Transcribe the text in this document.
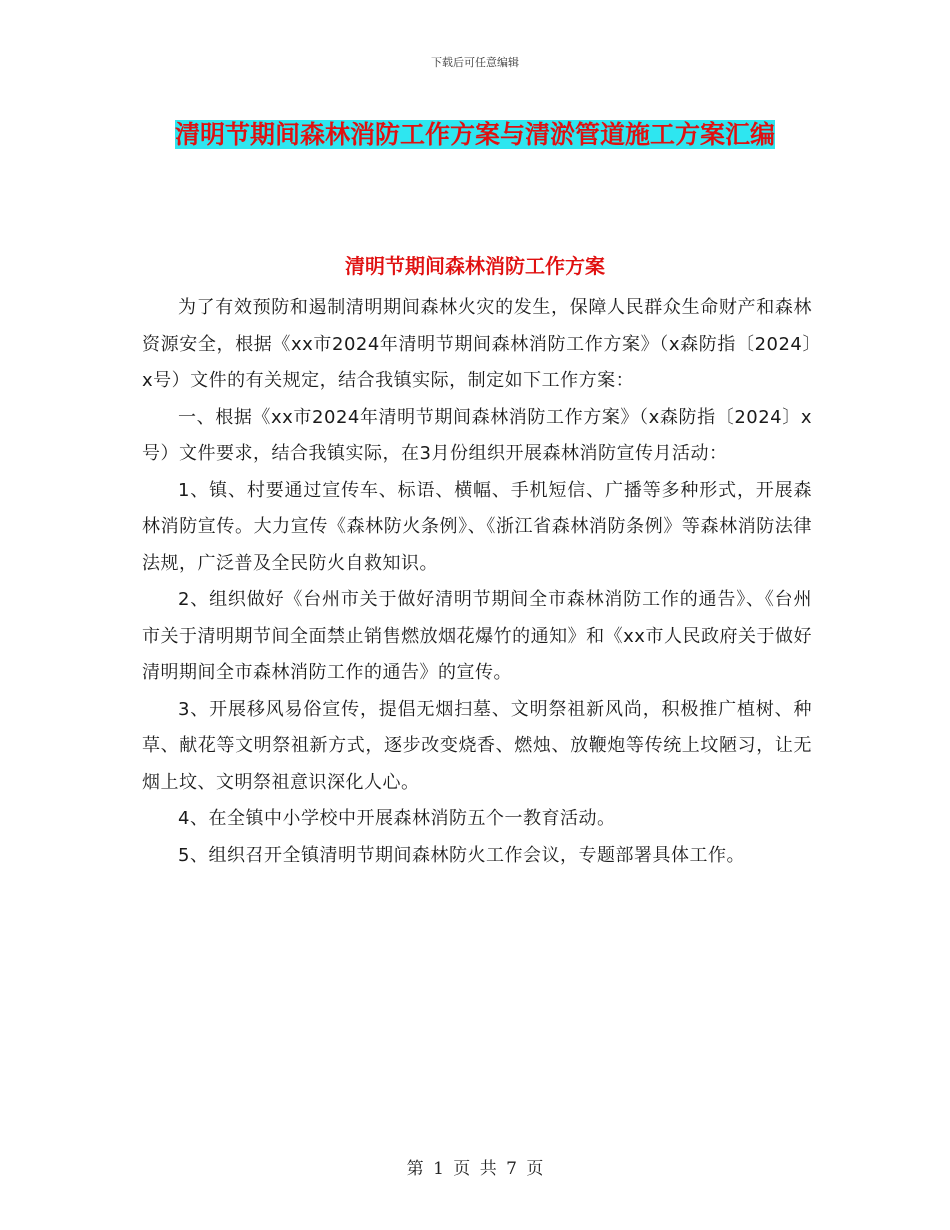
下载后可任意编辑
清明节期间森林消防工作方案与清淤管道施工方案汇编
清明节期间森林消防工作方案

为了有效预防和遏制清明期间森林火灾的发生，保障人民群众生命财产和森林资源安全，根据《xx市2024年清明节期间森林消防工作方案》（x森防指〔2024〕x号）文件的有关规定，结合我镇实际，制定如下工作方案：

一、根据《xx市2024年清明节期间森林消防工作方案》（x森防指〔2024〕x号）文件要求，结合我镇实际，在3月份组织开展森林消防宣传月活动：

1、镇、村要通过宣传车、标语、横幅、手机短信、广播等多种形式，开展森林消防宣传。大力宣传《森林防火条例》、《浙江省森林消防条例》等森林消防法律法规，广泛普及全民防火自救知识。

2、组织做好《台州市关于做好清明节期间全市森林消防工作的通告》、《台州市关于清明期节间全面禁止销售燃放烟花爆竹的通知》和《xx市人民政府关于做好清明期间全市森林消防工作的通告》的宣传。

3、开展移风易俗宣传，提倡无烟扫墓、文明祭祖新风尚，积极推广植树、种草、献花等文明祭祖新方式，逐步改变烧香、燃烛、放鞭炮等传统上坟陋习，让无烟上坟、文明祭祖意识深化人心。

4、在全镇中小学校中开展森林消防五个一教育活动。

5、组织召开全镇清明节期间森林防火工作会议，专题部署具体工作。

第 1 页 共 7 页
